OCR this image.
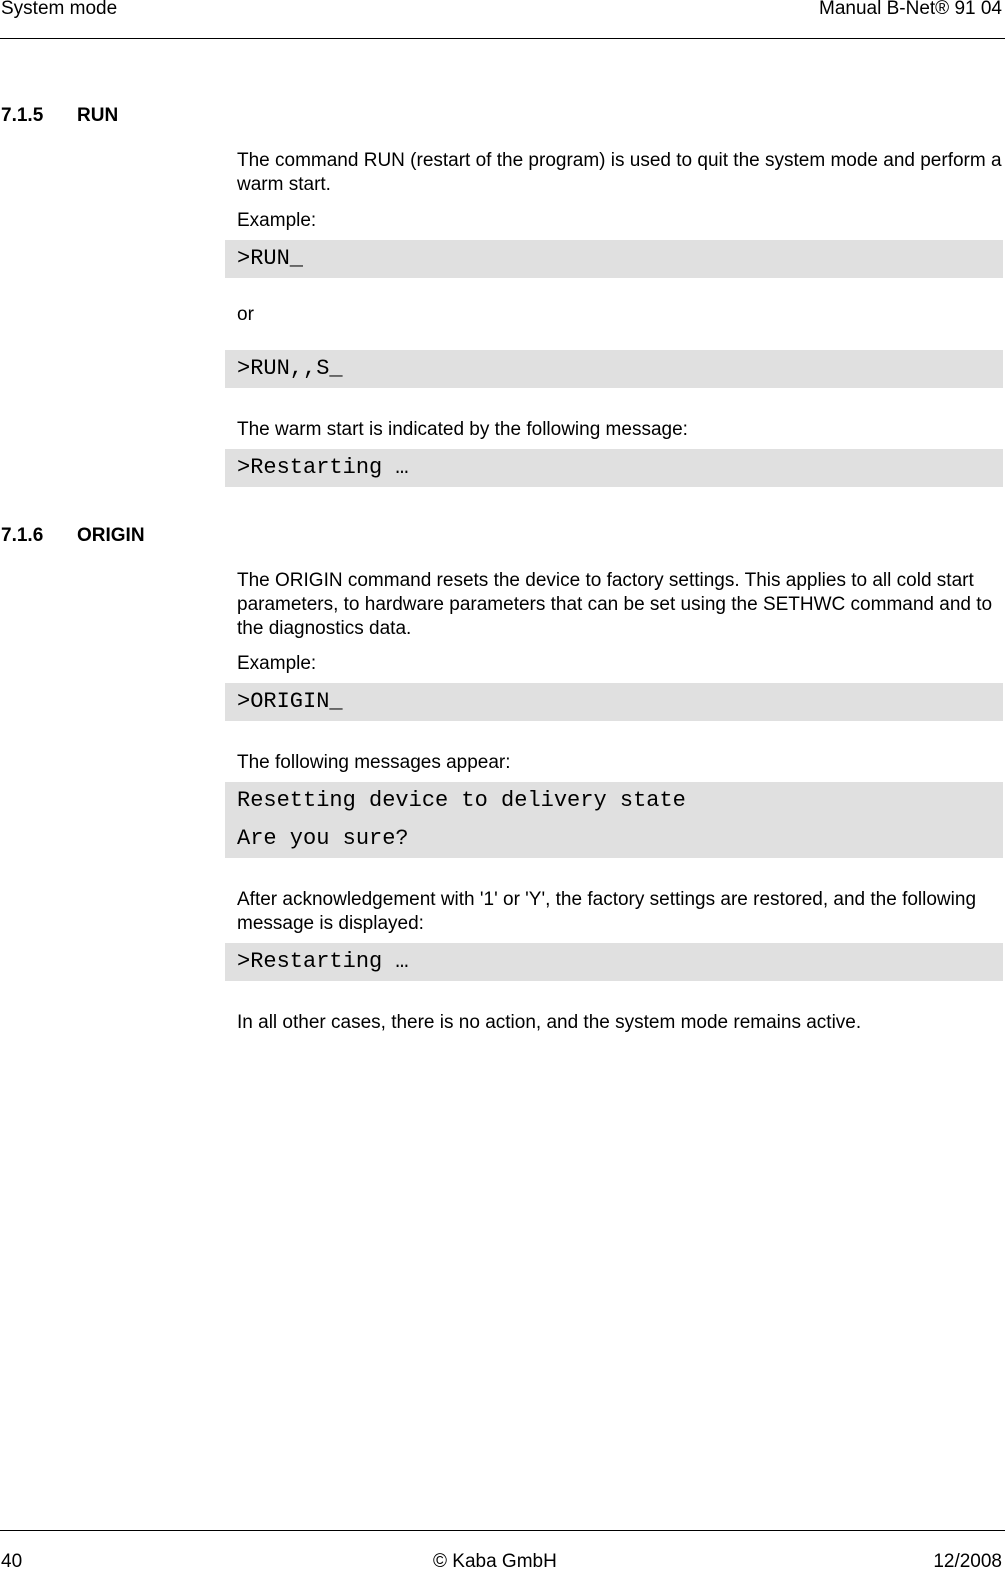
System mode	Manual B-Net® 91 04
7.1.5 RUN
The command RUN (restart of the program) is used to quit the system mode and perform a warm start.
Example:
>RUN_
or
>RUN,,S_
The warm start is indicated by the following message:
>Restarting …
7.1.6 ORIGIN
The ORIGIN command resets the device to factory settings. This applies to all cold start parameters, to hardware parameters that can be set using the SETHWC command and to the diagnostics data.
Example:
>ORIGIN_
The following messages appear:
Resetting device to delivery state
Are you sure?
After acknowledgement with '1' or 'Y', the factory settings are restored, and the following message is displayed:
>Restarting …
In all other cases, there is no action, and the system mode remains active.
40	© Kaba GmbH	12/2008
